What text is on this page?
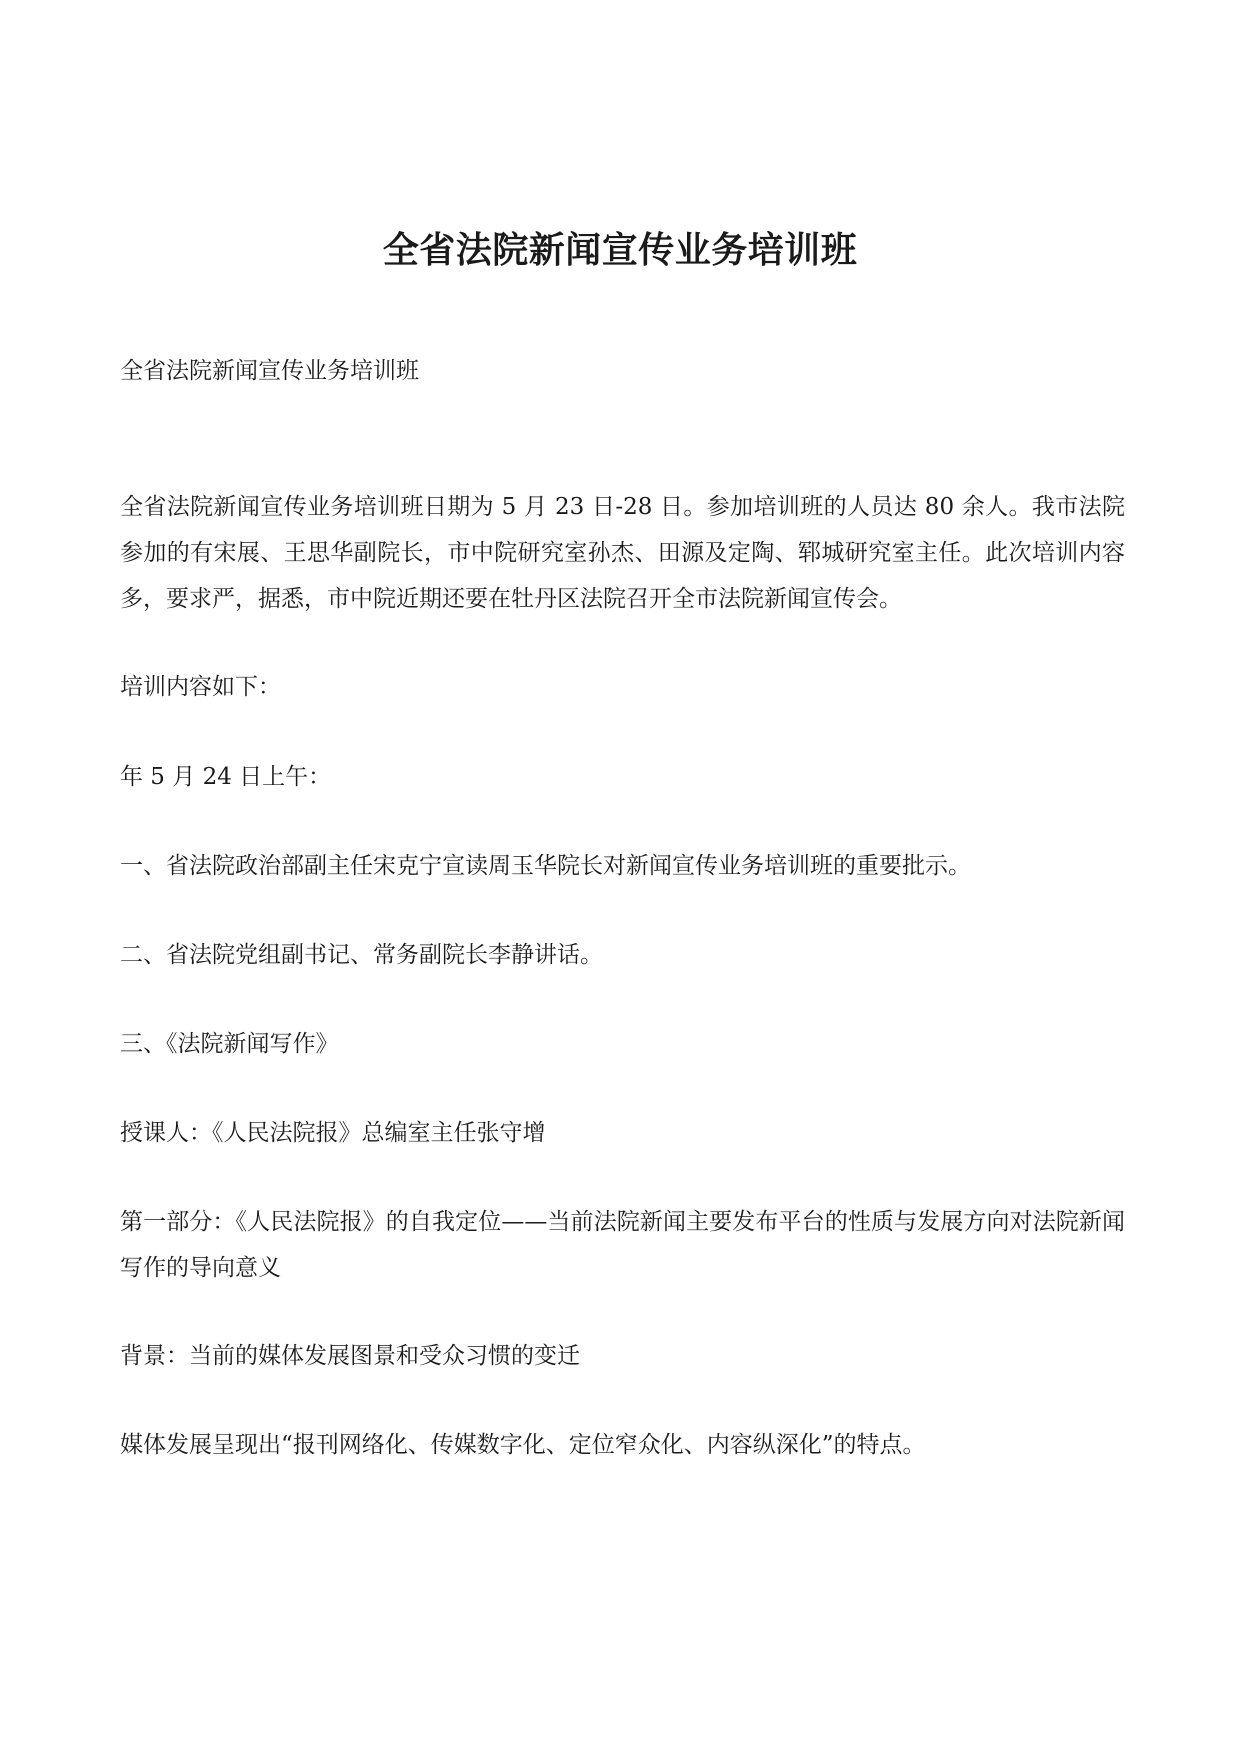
全省法院新闻宣传业务培训班

全省法院新闻宣传业务培训班

全省法院新闻宣传业务培训班日期为 5 月 23 日-28 日。参加培训班的人员达 80 余人。我市法院参加的有宋展、王思华副院长，市中院研究室孙杰、田源及定陶、郓城研究室主任。此次培训内容多，要求严，据悉，市中院近期还要在牡丹区法院召开全市法院新闻宣传会。

培训内容如下：

年 5 月 24 日上午：

一、省法院政治部副主任宋克宁宣读周玉华院长对新闻宣传业务培训班的重要批示。

二、省法院党组副书记、常务副院长李静讲话。

三、《法院新闻写作》

授课人：《人民法院报》总编室主任张守增

第一部分：《人民法院报》的自我定位——当前法院新闻主要发布平台的性质与发展方向对法院新闻写作的导向意义

背景：当前的媒体发展图景和受众习惯的变迁

媒体发展呈现出“报刊网络化、传媒数字化、定位窄众化、内容纵深化”的特点。
